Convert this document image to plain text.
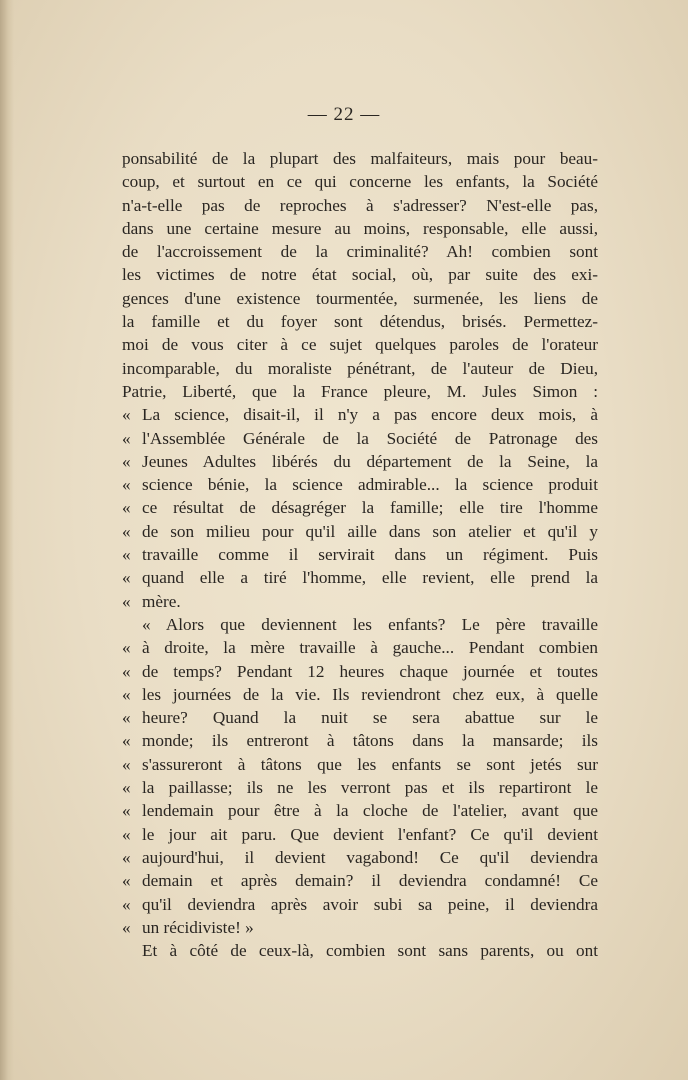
— 22 —
ponsabilité de la plupart des malfaiteurs, mais pour beau-
coup, et surtout en ce qui concerne les enfants, la Société
n'a-t-elle pas de reproches à s'adresser? N'est-elle pas,
dans une certaine mesure au moins, responsable, elle aussi,
de l'accroissement de la criminalité? Ah! combien sont
les victimes de notre état social, où, par suite des exi-
gences d'une existence tourmentée, surmenée, les liens de
la famille et du foyer sont détendus, brisés. Permettez-
moi de vous citer à ce sujet quelques paroles de l'orateur
incomparable, du moraliste pénétrant, de l'auteur de Dieu,
Patrie, Liberté, que la France pleure, M. Jules Simon :
« La science, disait-il, il n'y a pas encore deux mois, à
« l'Assemblée Générale de la Société de Patronage des
« Jeunes Adultes libérés du département de la Seine, la
« science bénie, la science admirable... la science produit
« ce résultat de désagréger la famille; elle tire l'homme
« de son milieu pour qu'il aille dans son atelier et qu'il y
« travaille comme il servirait dans un régiment. Puis
« quand elle a tiré l'homme, elle revient, elle prend la
« mère.
« Alors que deviennent les enfants? Le père travaille
« à droite, la mère travaille à gauche... Pendant combien
« de temps? Pendant 12 heures chaque journée et toutes
« les journées de la vie. Ils reviendront chez eux, à quelle
« heure? Quand la nuit se sera abattue sur le
« monde; ils entreront à tâtons dans la mansarde; ils
« s'assureront à tâtons que les enfants se sont jetés sur
« la paillasse; ils ne les verront pas et ils repartiront le
« lendemain pour être à la cloche de l'atelier, avant que
« le jour ait paru. Que devient l'enfant? Ce qu'il devient
« aujourd'hui, il devient vagabond! Ce qu'il deviendra
« demain et après demain? il deviendra condamné! Ce
« qu'il deviendra après avoir subi sa peine, il deviendra
« un récidiviste! »
Et à côté de ceux-là, combien sont sans parents, ou ont
